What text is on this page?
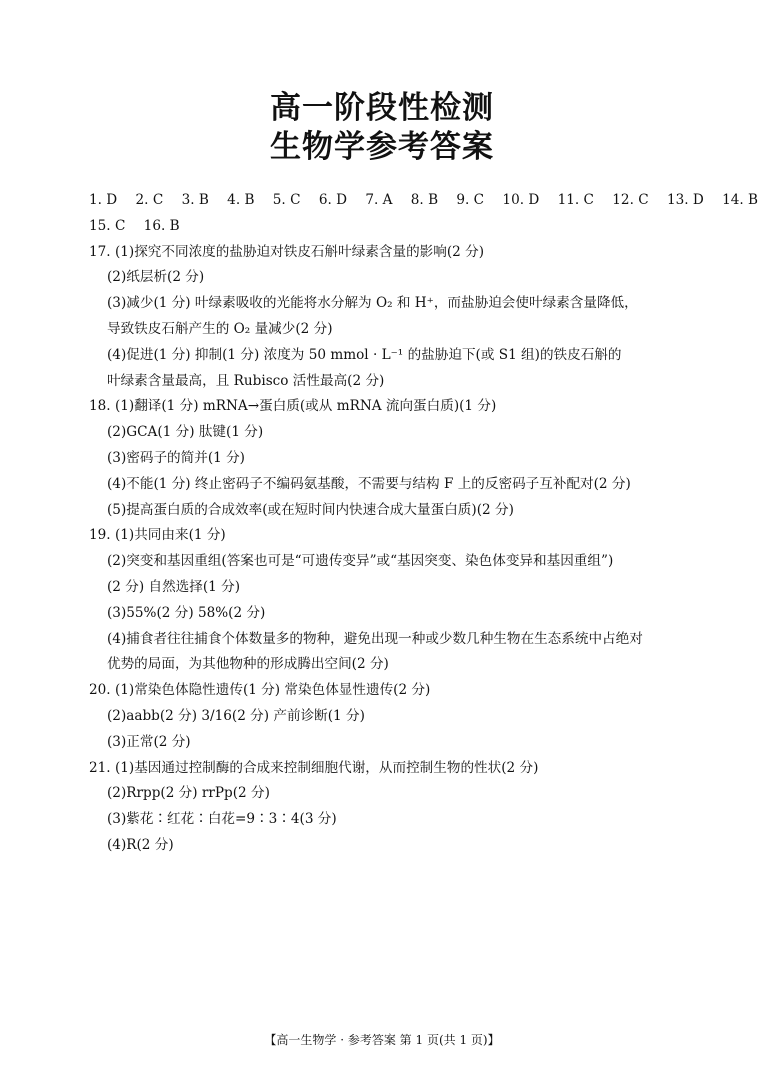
高一阶段性检测
生物学参考答案
1. D 2. C 3. B 4. B 5. C 6. D 7. A 8. B 9. C 10. D 11. C 12. C 13. D 14. B
15. C 16. B
17. (1)探究不同浓度的盐胁迫对铁皮石斛叶绿素含量的影响(2 分)
(2)纸层析(2 分)
(3)减少(1 分) 叶绿素吸收的光能将水分解为 O₂ 和 H⁺，而盐胁迫会使叶绿素含量降低，
导致铁皮石斛产生的 O₂ 量减少(2 分)
(4)促进(1 分) 抑制(1 分) 浓度为 50 mmol · L⁻¹ 的盐胁迫下(或 S1 组)的铁皮石斛的
叶绿素含量最高，且 Rubisco 活性最高(2 分)
18. (1)翻译(1 分) mRNA→蛋白质(或从 mRNA 流向蛋白质)(1 分)
(2)GCA(1 分) 肽键(1 分)
(3)密码子的简并(1 分)
(4)不能(1 分) 终止密码子不编码氨基酸，不需要与结构 F 上的反密码子互补配对(2 分)
(5)提高蛋白质的合成效率(或在短时间内快速合成大量蛋白质)(2 分)
19. (1)共同由来(1 分)
(2)突变和基因重组(答案也可是“可遗传变异”或“基因突变、染色体变异和基因重组”)
(2 分) 自然选择(1 分)
(3)55%(2 分) 58%(2 分)
(4)捕食者往往捕食个体数量多的物种，避免出现一种或少数几种生物在生态系统中占绝对
优势的局面，为其他物种的形成腾出空间(2 分)
20. (1)常染色体隐性遗传(1 分) 常染色体显性遗传(2 分)
(2)aabb(2 分) 3/16(2 分) 产前诊断(1 分)
(3)正常(2 分)
21. (1)基因通过控制酶的合成来控制细胞代谢，从而控制生物的性状(2 分)
(2)Rrpp(2 分) rrPp(2 分)
(3)紫花∶红花∶白花=9∶3∶4(3 分)
(4)R(2 分)
【高一生物学 · 参考答案 第 1 页(共 1 页)】
